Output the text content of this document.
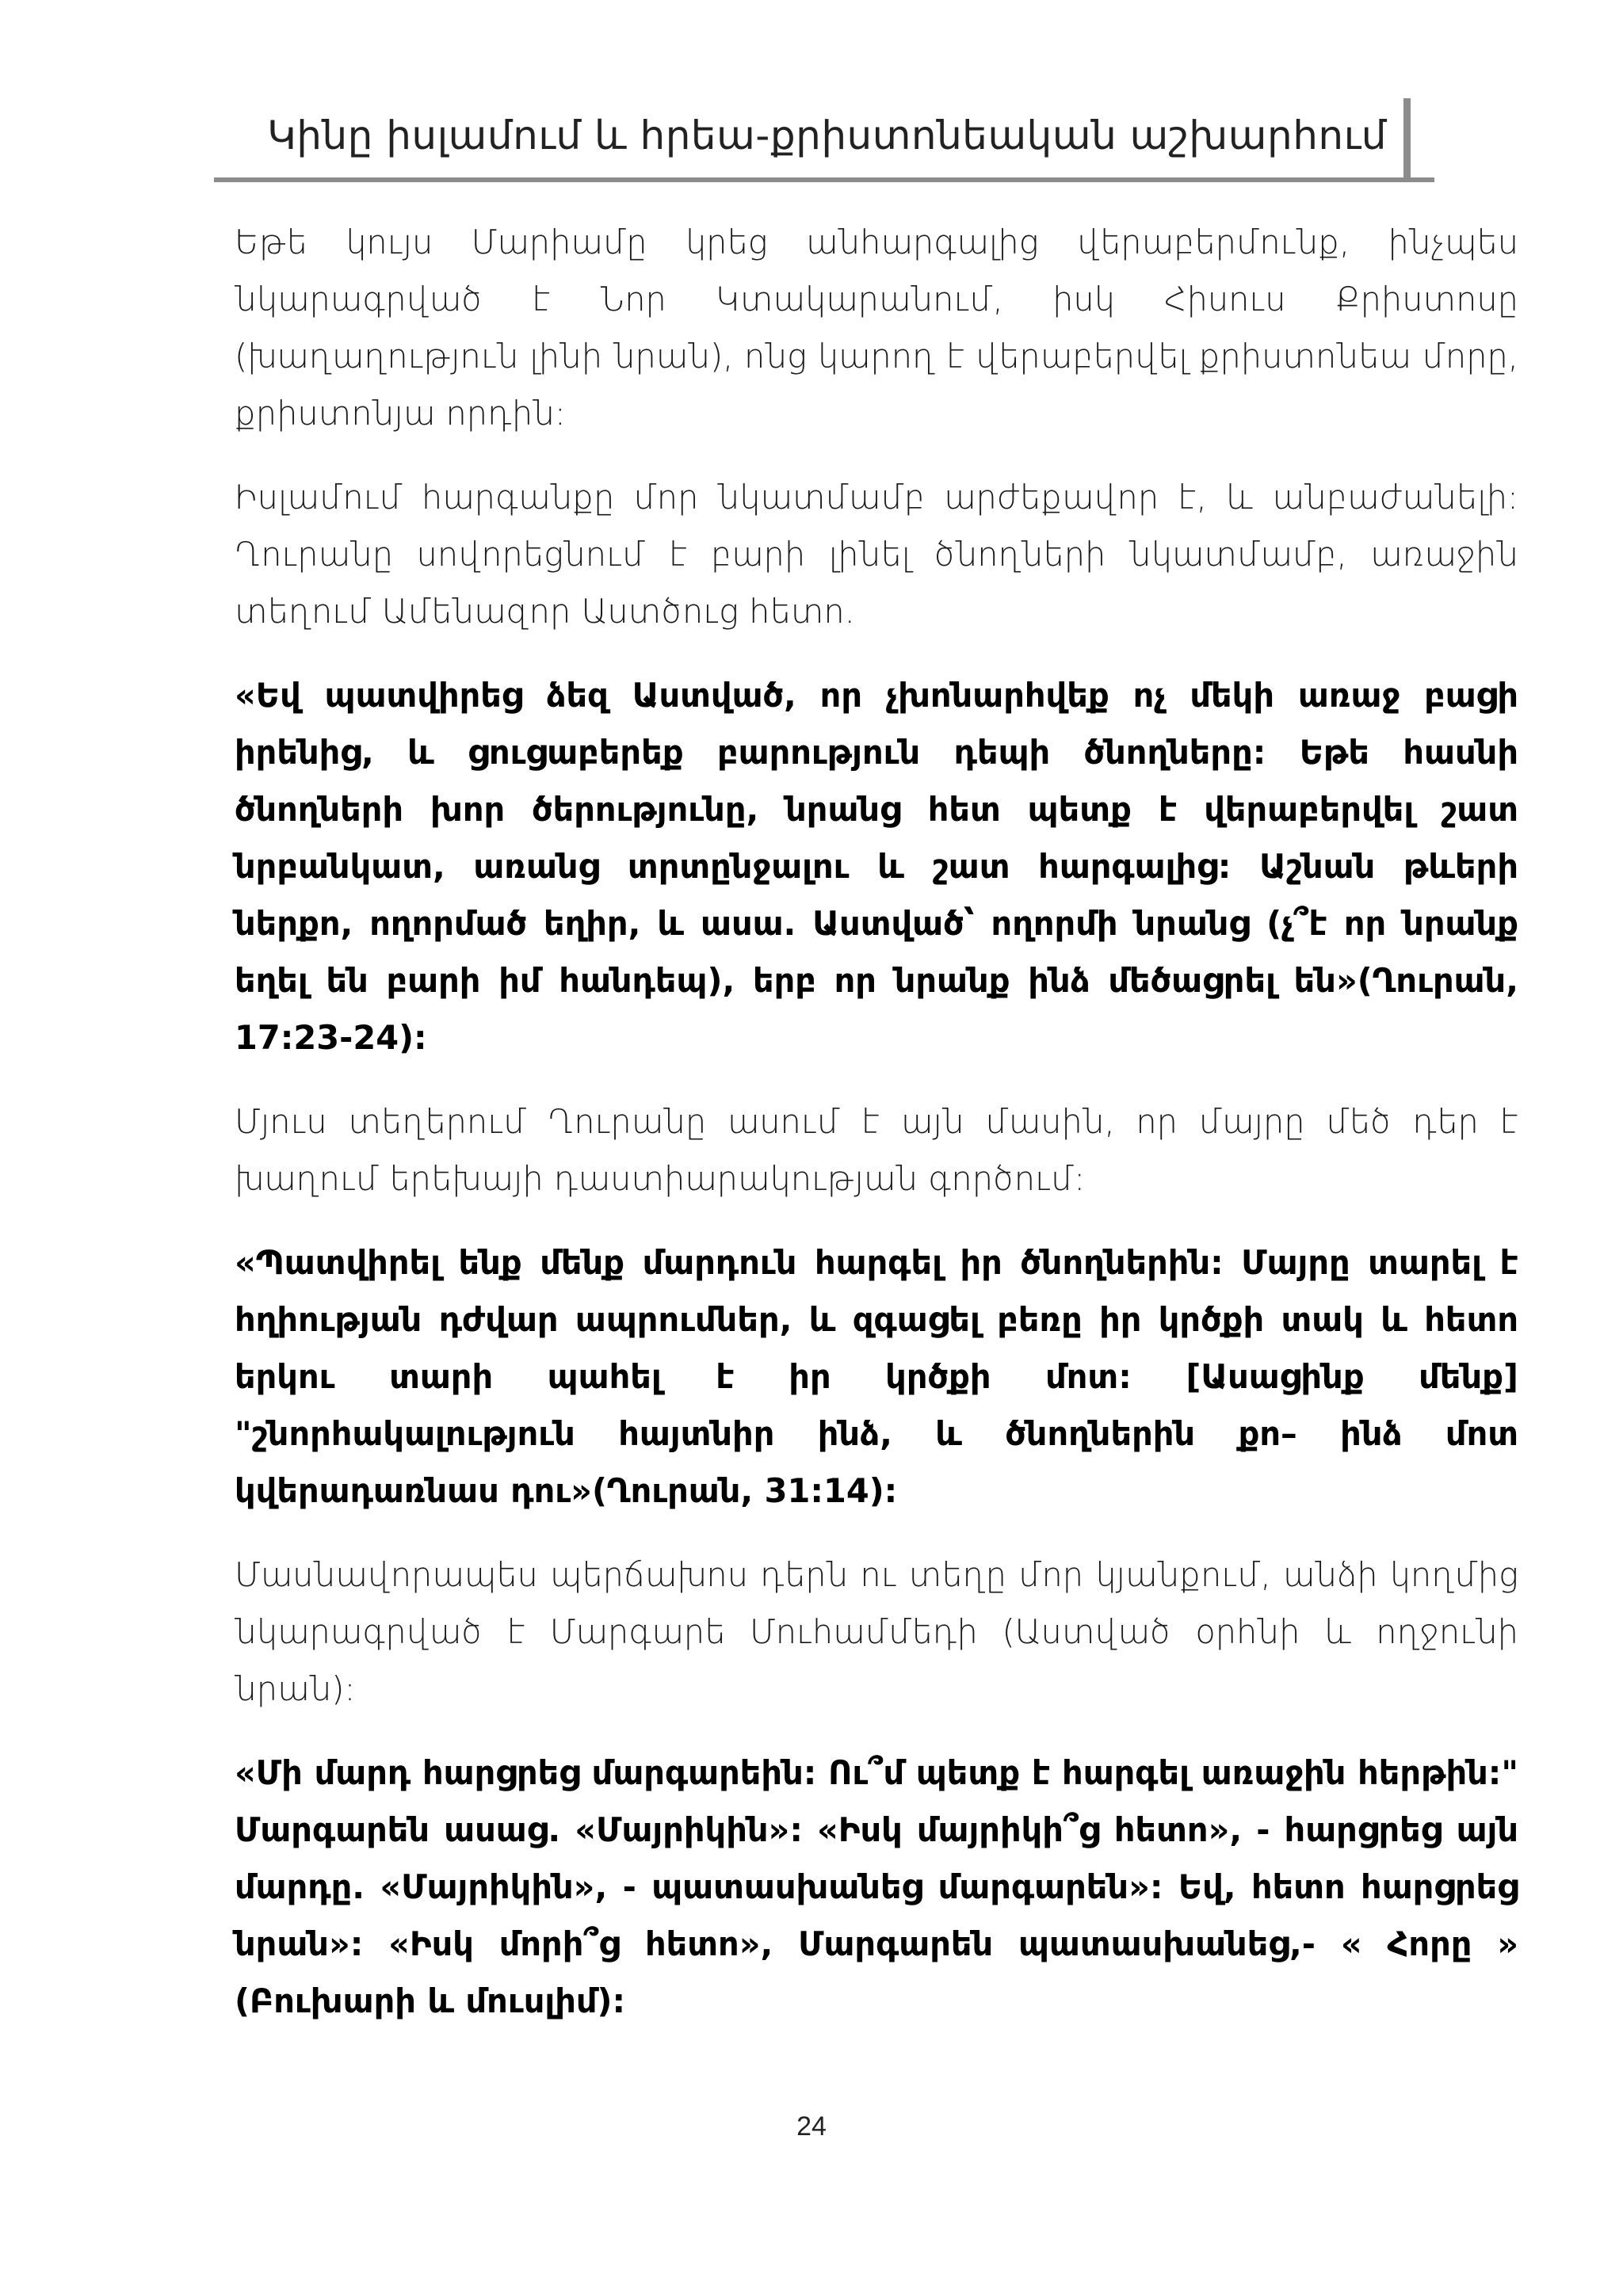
Կինը իսլամում և հրեա-քրիստոնեական աշխարհում

Եթե կույս Մարիամը կրեց անհարգալից վերաբերմունք, ինչպես նկարագրված է Նոր Կտակարանում, իսկ Հիսուս Քրիստոսը (խաղաղություն լինի նրան), ոնց կարող է վերաբերվել քրիստոնեա մորը, քրիստոնյա որդին:

Իսլամում հարգանքը մոր նկատմամբ արժեքավոր է, և անբաժանելի: Ղուրանը սովորեցնում է բարի լինել ծնողների նկատմամբ, առաջին տեղում Ամենազոր Աստծուց հետո.

«Եվ պատվիրեց ձեզ Աստված, որ չխոնարհվեք ոչ մեկի առաջ բացի իրենից, և ցուցաբերեք բարություն դեպի ծնողները: Եթե հասնի ծնողների խոր ծերությունը, նրանց հետ պետք է վերաբերվել շատ նրբանկատ, առանց տրտընջալու և շատ հարգալից: Աշնան թևերի ներքո, ողորմած եղիր, և ասա. Աստված՝ ողորմի նրանց (չ՞է որ նրանք եղել են բարի իմ հանդեպ), երբ որ նրանք ինձ մեծացրել են»(Ղուրան, 17:23-24):

Մյուս տեղերում Ղուրանը ասում է այն մասին, որ մայրը մեծ դեր է խաղում երեխայի դաստիարակության գործում:

«Պատվիրել ենք մենք մարդուն հարգել իր ծնողներին: Մայրը տարել է հղիության դժվար ապրումներ, և զգացել բեռը իր կրծքի տակ և հետո երկու տարի պահել է իր կրծքի մոտ: [Ասացինք մենք] "շնորհակալություն հայտնիր ինձ, և ծնողներին քո– ինձ մոտ կվերադառնաս դու»(Ղուրան, 31:14):

Մասնավորապես պերճախոս դերն ու տեղը մոր կյանքում, անձի կողմից նկարագրված է Մարգարե Մուհամմեդի (Աստված օրհնի և ողջունի նրան):

«Մի մարդ հարցրեց մարգարեին: Ու՞մ պետք է հարգել առաջին հերթին:" Մարգարեն ասաց. «Մայրիկին»: «Իսկ մայրիկի՞ց հետո», - հարցրեց այն մարդը. «Մայրիկին», - պատասխանեց մարգարեն»: Եվ, հետո հարցրեց նրան»: «Իսկ մորի՞ց հետո», Մարգարեն պատասխանեց,- « Հորը » (Բուխարի և մուսլիմ):

24
